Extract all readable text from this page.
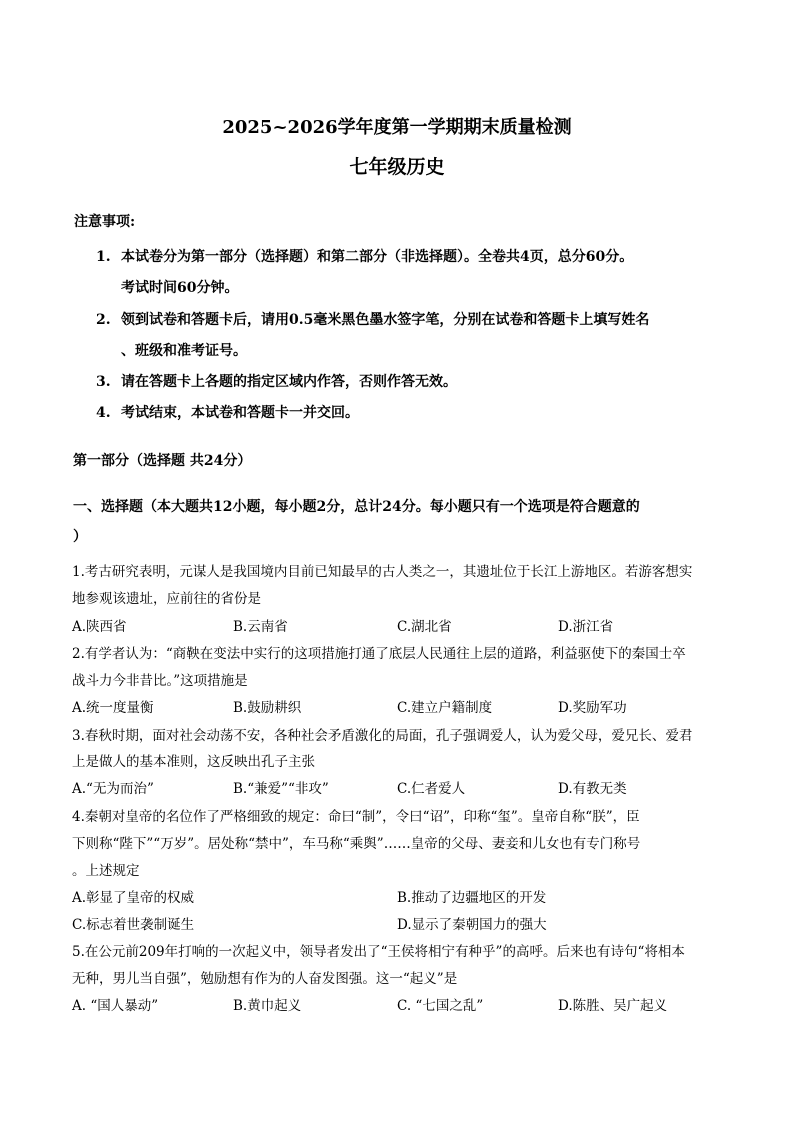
2025~2026学年度第一学期期末质量检测
七年级历史
注意事项:
1. 本试卷分为第一部分（选择题）和第二部分（非选择题）。全卷共4页，总分60分。
考试时间60分钟。
2. 领到试卷和答题卡后，请用0.5毫米黑色墨水签字笔，分别在试卷和答题卡上填写姓名
、班级和准考证号。
3. 请在答题卡上各题的指定区域内作答，否则作答无效。
4. 考试结束，本试卷和答题卡一并交回。
第一部分（选择题 共24分）
一、选择题（本大题共12小题，每小题2分，总计24分。每小题只有一个选项是符合题意的
）
1.考古研究表明，元谋人是我国境内目前已知最早的古人类之一，其遗址位于长江上游地区。若游客想实
地参观该遗址，应前往的省份是
A.陕西省	B.云南省	C.湖北省	D.浙江省
2.有学者认为：“商鞅在变法中实行的这项措施打通了底层人民通往上层的道路，利益驱使下的秦国士卒
战斗力今非昔比。”这项措施是
A.统一度量衡	B.鼓励耕织	C.建立户籍制度	D.奖励军功
3.春秋时期，面对社会动荡不安，各种社会矛盾激化的局面，孔子强调爱人，认为爱父母，爱兄长、爱君
上是做人的基本准则，这反映出孔子主张
A.“无为而治”	B.“兼爱”“非攻”	C.仁者爱人	D.有教无类
4.秦朝对皇帝的名位作了严格细致的规定：命曰“制”，令曰“诏”，印称“玺”。皇帝自称“朕”，臣
下则称“陛下”“万岁”。居处称“禁中”，车马称“乘舆”……皇帝的父母、妻妾和儿女也有专门称号
。上述规定
A.彰显了皇帝的权威	B.推动了边疆地区的开发
C.标志着世袭制诞生	D.显示了秦朝国力的强大
5.在公元前209年打响的一次起义中，领导者发出了“王侯将相宁有种乎”的高呼。后来也有诗句“将相本
无种，男儿当自强”，勉励想有作为的人奋发图强。这一“起义”是
A. “国人暴动”	B.黄巾起义	C. “七国之乱”	D.陈胜、吴广起义
